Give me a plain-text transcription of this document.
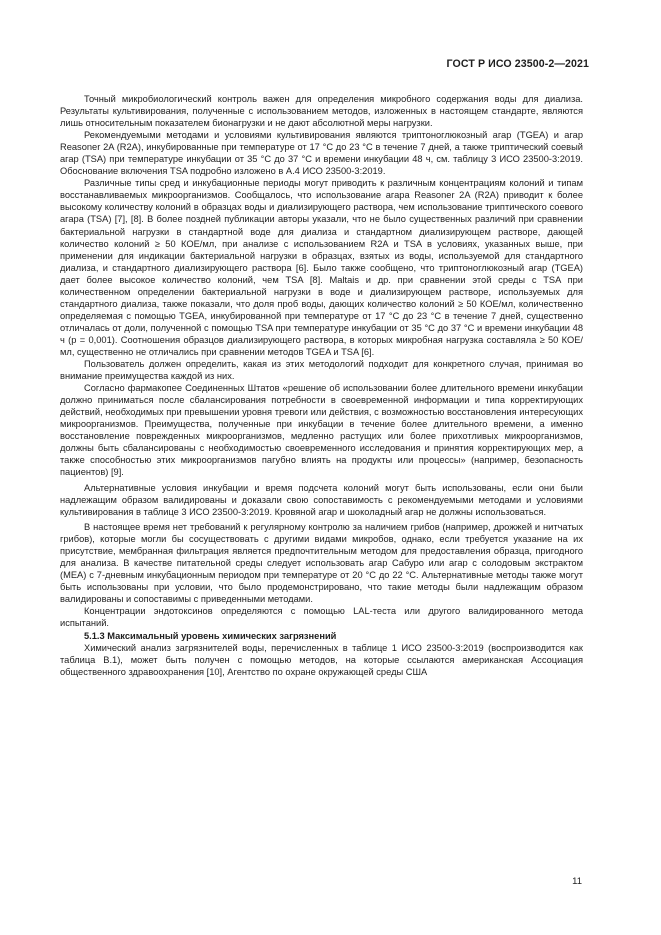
ГОСТ Р ИСО 23500-2—2021

Точный микробиологический контроль важен для определения микробного содержания воды для диализа. Результаты культивирования, полученные с использованием методов, изложенных в настоящем стандарте, являются лишь относительным показателем бионагрузки и не дают абсолютной меры нагрузки.

Рекомендуемыми методами и условиями культивирования являются триптоноглюкозный агар (TGEA) и агар Reasoner 2A (R2A), инкубированные при температуре от 17 °C до 23 °C в течение 7 дней, а также триптический соевый агар (TSA) при температуре инкубации от 35 °C до 37 °C и времени инкубации 48 ч, см. таблицу 3 ИСО 23500-3:2019. Обоснование включения TSA подробно изложено в А.4 ИСО 23500-3:2019.

Различные типы сред и инкубационные периоды могут приводить к различным концентрациям колоний и типам восстанавливаемых микроорганизмов. Сообщалось, что использование агара Reasoner 2A (R2A) приводит к более высокому количеству колоний в образцах воды и диализирующего раствора, чем использование триптического соевого агара (TSA) [7], [8]. В более поздней публикации авторы указали, что не было существенных различий при сравнении бактериальной нагрузки в стандартной воде для диализа и стандартном диализирующем растворе, дающей количество колоний ≥ 50 КОЕ/мл, при анализе с использованием R2A и TSA в условиях, указанных выше, при применении для индикации бактериальной нагрузки в образцах, взятых из воды, используемой для стандартного диализа, и стандартного диализирующего раствора [6]. Было также сообщено, что триптоноглюкозный агар (TGEA) дает более высокое количество колоний, чем TSA [8]. Maltais и др. при сравнении этой среды с TSA при количественном определении бактериальной нагрузки в воде и диализирующем растворе, используемых для стандартного диализа, также показали, что доля проб воды, дающих количество колоний ≥ 50 КОЕ/мл, количественно определяемая с помощью TGEA, инкубированной при температуре от 17 °C до 23 °C в течение 7 дней, существенно отличалась от доли, полученной с помощью TSA при температуре инкубации от 35 °C до 37 °C и времени инкубации 48 ч (p = 0,001). Соотношения образцов диализирующего раствора, в которых микробная нагрузка составляла ≥ 50 КОЕ/мл, существенно не отличались при сравнении методов TGEA и TSA [6].

Пользователь должен определить, какая из этих методологий подходит для конкретного случая, принимая во внимание преимущества каждой из них.

Согласно фармакопее Соединенных Штатов «решение об использовании более длительного времени инкубации должно приниматься после сбалансирования потребности в своевременной информации и типа корректирующих действий, необходимых при превышении уровня тревоги или действия, с возможностью восстановления интересующих микроорганизмов. Преимущества, полученные при инкубации в течение более длительного времени, а именно восстановление поврежденных микроорганизмов, медленно растущих или более прихотливых микроорганизмов, должны быть сбалансированы с необходимостью своевременного исследования и принятия корректирующих мер, а также способностью этих микроорганизмов пагубно влиять на продукты или процессы» (например, безопасность пациентов) [9].

Альтернативные условия инкубации и время подсчета колоний могут быть использованы, если они были надлежащим образом валидированы и доказали свою сопоставимость с рекомендуемыми методами и условиями культивирования в таблице 3 ИСО 23500-3:2019. Кровяной агар и шоколадный агар не должны использоваться.

В настоящее время нет требований к регулярному контролю за наличием грибов (например, дрожжей и нитчатых грибов), которые могли бы сосуществовать с другими видами микробов, однако, если требуется указание на их присутствие, мембранная фильтрация является предпочтительным методом для предоставления образца, пригодного для анализа. В качестве питательной среды следует использовать агар Сабуро или агар с солодовым экстрактом (MEA) с 7-дневным инкубационным периодом при температуре от 20 °C до 22 °C. Альтернативные методы также могут быть использованы при условии, что было продемонстрировано, что такие методы были надлежащим образом валидированы и сопоставимы с приведенными методами.

Концентрации эндотоксинов определяются с помощью LAL-теста или другого валидированного метода испытаний.

5.1.3 Максимальный уровень химических загрязнений

Химический анализ загрязнителей воды, перечисленных в таблице 1 ИСО 23500-3:2019 (воспроизводится как таблица В.1), может быть получен с помощью методов, на которые ссылаются американская Ассоциация общественного здравоохранения [10], Агентство по охране окружающей среды США

11
